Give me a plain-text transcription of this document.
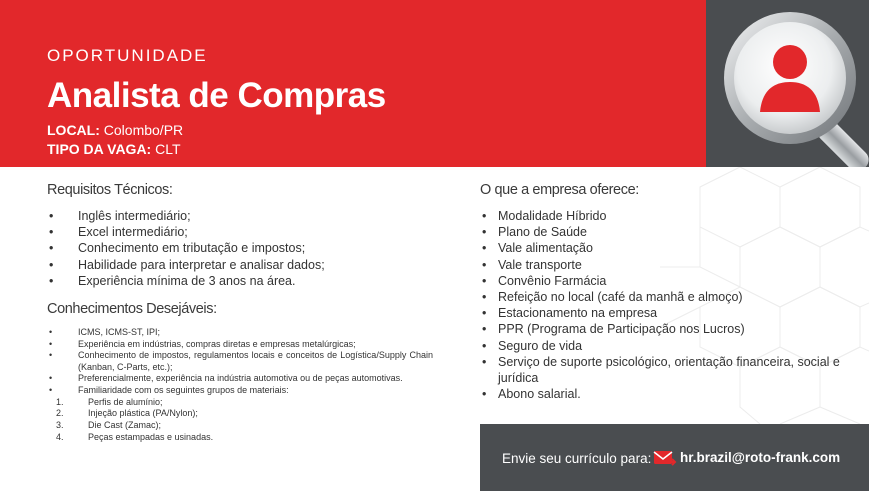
OPORTUNIDADE
Analista de Compras
LOCAL: Colombo/PR
TIPO DA VAGA: CLT
Requisitos Técnicos:
• Inglês intermediário;
• Excel intermediário;
• Conhecimento em tributação e impostos;
• Habilidade para interpretar e analisar dados;
• Experiência mínima de 3 anos na área.
Conhecimentos Desejáveis:
• ICMS, ICMS-ST, IPI;
• Experiência em indústrias, compras diretas e empresas metalúrgicas;
• Conhecimento de impostos, regulamentos locais e conceitos de Logística/Supply Chain (Kanban, C-Parts, etc.);
• Preferencialmente, experiência na indústria automotiva ou de peças automotivas.
• Familiaridade com os seguintes grupos de materiais:
1.	Perfis de alumínio;
2.	Injeção plástica (PA/Nylon);
3.	Die Cast (Zamac);
4.	Peças estampadas e usinadas.
O que a empresa oferece:
• Modalidade Híbrido
• Plano de Saúde
• Vale alimentação
• Vale transporte
• Convênio Farmácia
• Refeição no local (café da manhã e almoço)
• Estacionamento na empresa
• PPR (Programa de Participação nos Lucros)
• Seguro de vida
• Serviço de suporte psicológico, orientação financeira, social e jurídica
• Abono salarial.
Envie seu currículo para: hr.brazil@roto-frank.com
